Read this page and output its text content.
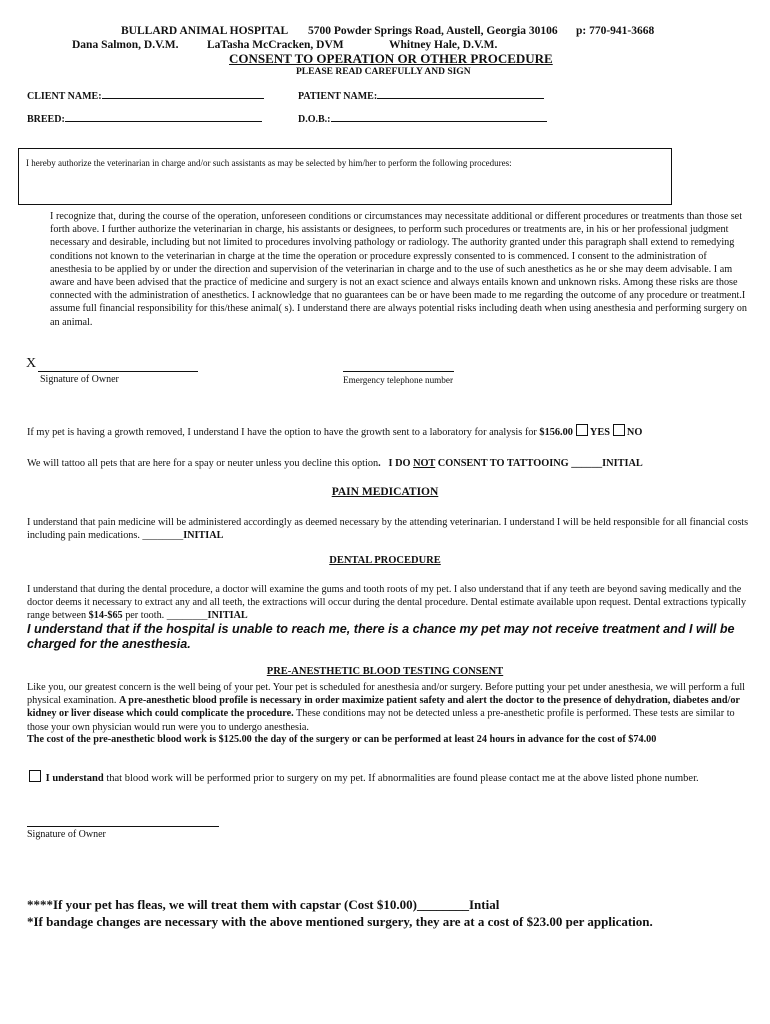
BULLARD ANIMAL HOSPITAL 5700 Powder Springs Road, Austell, Georgia 30106 p: 770-941-3668
Dana Salmon, D.V.M. LaTasha McCracken, DVM	Whitney Hale, D.V.M.
CONSENT TO OPERATION OR OTHER PROCEDURE
PLEASE READ CAREFULLY AND SIGN
CLIENT NAME:	PATIENT NAME:
BREED:	D.O.B.:
I hereby authorize the veterinarian in charge and/or such assistants as may be selected by him/her to perform the following procedures:
I recognize that, during the course of the operation, unforeseen conditions or circumstances may necessitate additional or different procedures or treatments than those set forth above. I further authorize the veterinarian in charge, his assistants or designees, to perform such procedures or treatments are, in his or her professional judgment necessary and desirable, including but not limited to procedures involving pathology or radiology. The authority granted under this paragraph shall extend to remedying conditions not known to the veterinarian in charge at the time the operation or procedure expressly consented to is commenced. I consent to the administration of anesthesia to be applied by or under the direction and supervision of the veterinarian in charge and to the use of such anesthetics as he or she may deem advisable. I am aware and have been advised that the practice of medicine and surgery is not an exact science and always entails known and unknown risks. Among these risks are those connected with the administration of anesthetics. I acknowledge that no guarantees can be or have been made to me regarding the outcome of any procedure or treatment.I assume full financial responsibility for this/these animal( s). I understand there are always potential risks including death when using anesthesia and performing surgery on an animal.
X
Signature of Owner	Emergency telephone number
If my pet is having a growth removed, I understand I have the option to have the growth sent to a laboratory for analysis for $156.00 YES NO
We will tattoo all pets that are here for a spay or neuter unless you decline this option. I DO NOT CONSENT TO TATTOOING ______INITIAL
PAIN MEDICATION
I understand that pain medicine will be administered accordingly as deemed necessary by the attending veterinarian. I understand I will be held responsible for all financial costs including pain medications. ________INITIAL
DENTAL PROCEDURE
I understand that during the dental procedure, a doctor will examine the gums and tooth roots of my pet. I also understand that if any teeth are beyond saving medically and the doctor deems it necessary to extract any and all teeth, the extractions will occur during the dental procedure. Dental estimate available upon request. Dental extractions typically range between $14-$65 per tooth. ________INITIAL
I understand that if the hospital is unable to reach me, there is a chance my pet may not receive treatment and I will be charged for the anesthesia.
PRE-ANESTHETIC BLOOD TESTING CONSENT
Like you, our greatest concern is the well being of your pet. Your pet is scheduled for anesthesia and/or surgery. Before putting your pet under anesthesia, we will perform a full physical examination. A pre-anesthetic blood profile is necessary in order maximize patient safety and alert the doctor to the presence of dehydration, diabetes and/or kidney or liver disease which could complicate the procedure. These conditions may not be detected unless a pre-anesthetic profile is performed. These tests are similar to those your own physician would run were you to undergo anesthesia.
The cost of the pre-anesthetic blood work is $125.00 the day of the surgery or can be performed at least 24 hours in advance for the cost of $74.00
I understand that blood work will be performed prior to surgery on my pet. If abnormalities are found please contact me at the above listed phone number.
Signature of Owner
****If your pet has fleas, we will treat them with capstar (Cost $10.00)________Intial
*If bandage changes are necessary with the above mentioned surgery, they are at a cost of $23.00 per application.
